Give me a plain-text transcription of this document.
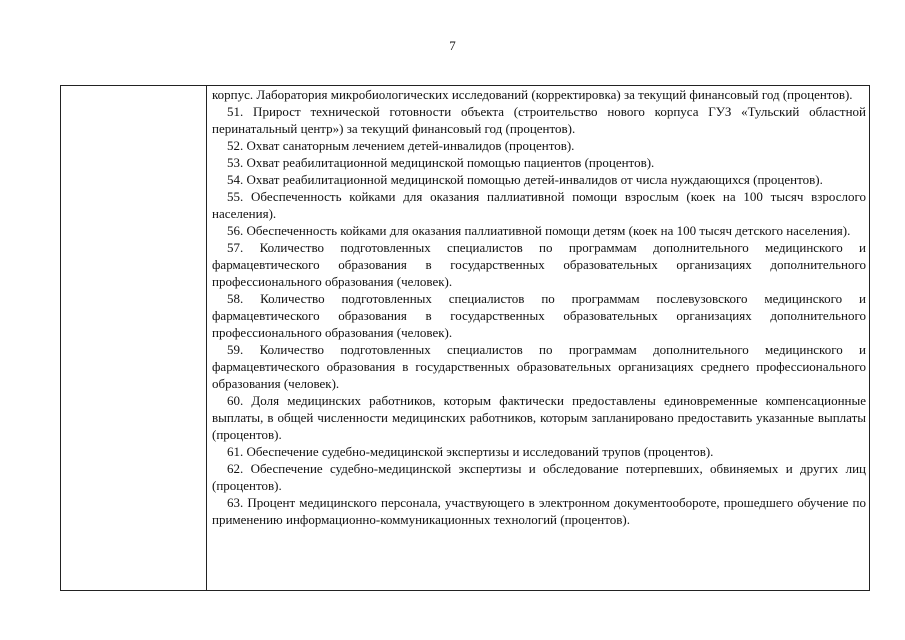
7

корпус. Лаборатория микробиологических исследований (корректировка) за текущий финансовый год (процентов).

51. Прирост технической готовности объекта (строительство нового корпуса ГУЗ «Тульский областной перинатальный центр») за текущий финансовый год (процентов).

52. Охват санаторным лечением детей-инвалидов (процентов).

53. Охват реабилитационной медицинской помощью пациентов (процентов).

54. Охват реабилитационной медицинской помощью детей-инвалидов от числа нуждающихся (процентов).

55. Обеспеченность койками для оказания паллиативной помощи взрослым (коек на 100 тысяч взрослого населения).

56. Обеспеченность койками для оказания паллиативной помощи детям (коек на 100 тысяч детского населения).

57. Количество подготовленных специалистов по программам дополнительного медицинского и фармацевтического образования в государственных образовательных организациях дополнительного профессионального образования (человек).

58. Количество подготовленных специалистов по программам послевузовского медицинского и фармацевтического образования в государственных образовательных организациях дополнительного профессионального образования (человек).

59. Количество подготовленных специалистов по программам дополнительного медицинского и фармацевтического образования в государственных образовательных организациях среднего профессионального образования (человек).

60. Доля медицинских работников, которым фактически предоставлены единовременные компенсационные выплаты, в общей численности медицинских работников, которым запланировано предоставить указанные выплаты (процентов).

61. Обеспечение судебно-медицинской экспертизы и исследований трупов (процентов).

62. Обеспечение судебно-медицинской экспертизы и обследование потерпевших, обвиняемых и других лиц (процентов).

63. Процент медицинского персонала, участвующего в электронном документообороте, прошедшего обучение по применению информационно-коммуникационных технологий (процентов).
